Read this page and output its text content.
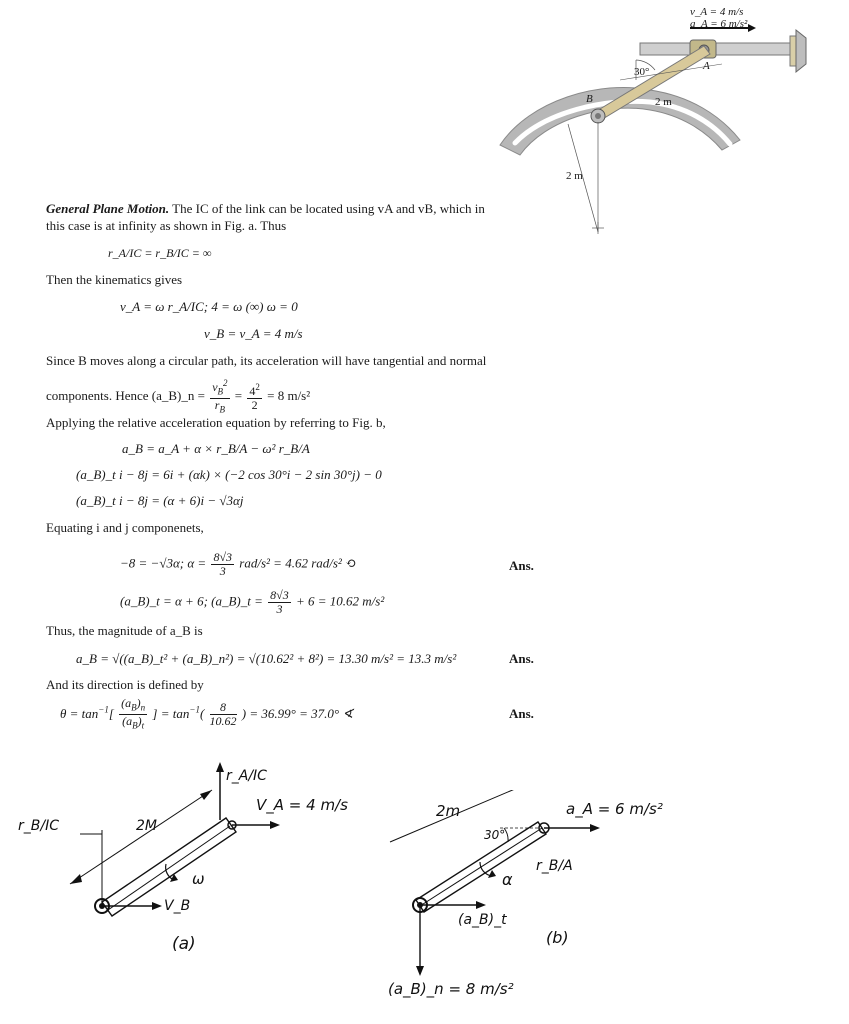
v_A = 4 m/s
a_A = 6 m/s²
30°	A
2 m
B
2 m
General Plane Motion. The IC of the link can be located using vA and vB, which in
this case is at infinity as shown in Fig. a. Thus
r_A/IC = r_B/IC = ∞
Then the kinematics gives
v_A = ω r_A/IC; 4 = ω (∞) ω = 0
v_B = v_A = 4 m/s
Since B moves along a circular path, its acceleration will have tangential and normal
components. Hence (a_B)_n = $\frac{v_B^2}{r_B} = \frac{4^2}{2} = 8$ m/s²
Applying the relative acceleration equation by referring to Fig. b,
a_B = a_A + α × r_B/A − ω² r_B/A
(a_B)_t i − 8j = 6i + (αk) × (−2 cos 30°i − 2 sin 30°j) − 0
(a_B)_t i − 8j = (α + 6)i − √3αj
Equating i and j componenets,
−8 = −√3α; $\alpha = \frac{8√3}{3} rad/s^2 = 4.62$ rad/s² ⟲	Ans.
(a_B)_t = α + 6; (a_B)_t = $\frac{8√3}{3} + 6 = 10.62$ m/s²
Thus, the magnitude of a_B is
a_B = √((a_B)_t² + (a_B)_n²) = √(10.62² + 8²) = 13.30 m/s² = 13.3 m/s²	Ans.
And its direction is defined by
$\theta = \tan^{-1}[ \frac{(a_B)_n}{(a_B)_t}$ ] = $\tan^{-1}( \frac{8}{10.62}$ ) = 36.99° = 37.0° ∢	Ans.
r_A/IC
V_A = 4 m/s
r_B/IC	2M
ω
V_B
(a)
2m	a_A = 6 m/s²
30°
r_B/A
α
(a_B)_t
(b)
(a_B)_n = 8 m/s²
